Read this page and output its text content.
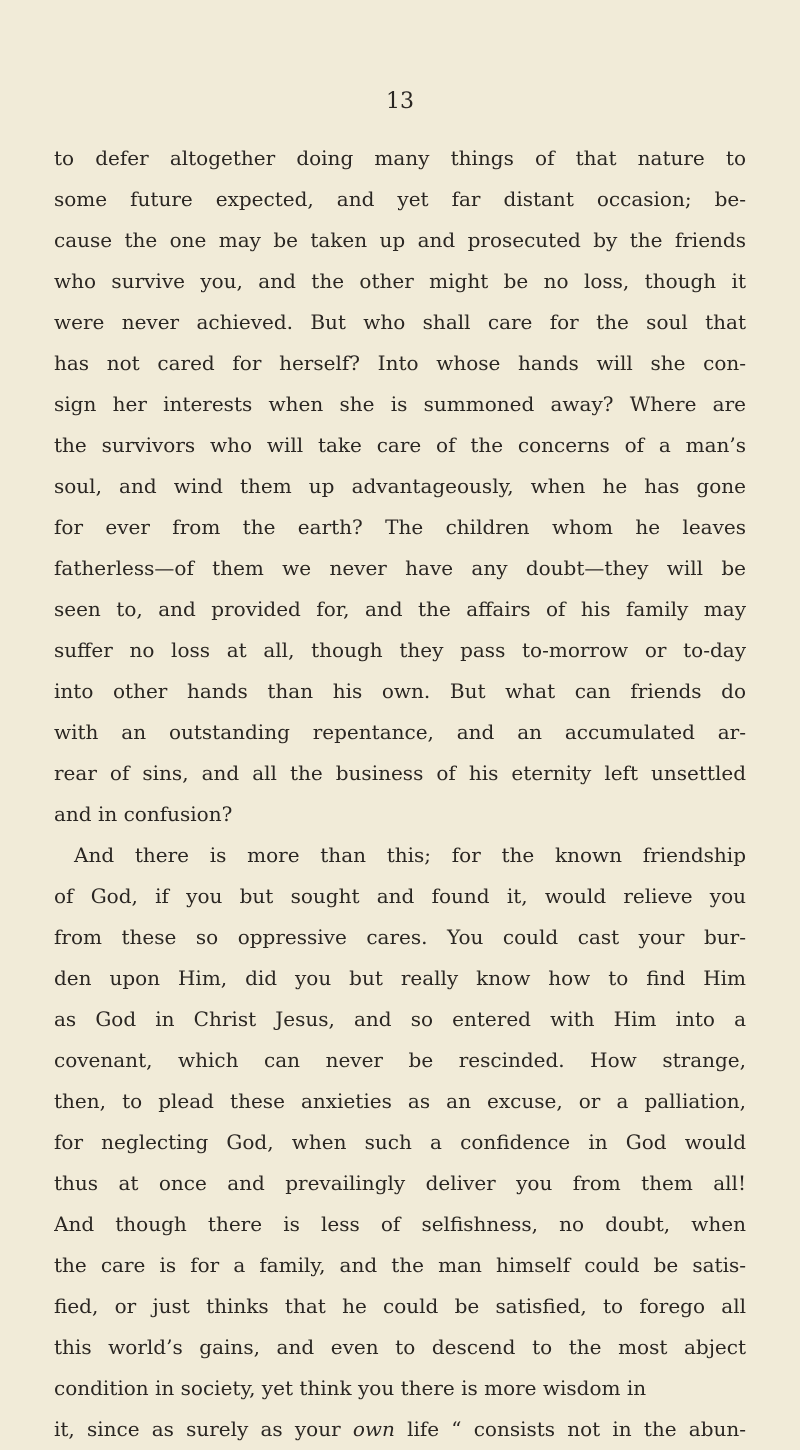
13
to defer altogether doing many things of that nature to
some future expected, and yet far distant occasion; be-
cause the one may be taken up and prosecuted by the friends
who survive you, and the other might be no loss, though it
were never achieved. But who shall care for the soul that
has not cared for herself? Into whose hands will she con-
sign her interests when she is summoned away? Where are
the survivors who will take care of the concerns of a man’s
soul, and wind them up advantageously, when he has gone
for ever from the earth? The children whom he leaves
fatherless—of them we never have any doubt—they will be
seen to, and provided for, and the affairs of his family may
suffer no loss at all, though they pass to-morrow or to-day
into other hands than his own. But what can friends do
with an outstanding repentance, and an accumulated ar-
rear of sins, and all the business of his eternity left unsettled
and in confusion?
And there is more than this; for the known friendship
of God, if you but sought and found it, would relieve you
from these so oppressive cares. You could cast your bur-
den upon Him, did you but really know how to find Him
as God in Christ Jesus, and so entered with Him into a
covenant, which can never be rescinded. How strange,
then, to plead these anxieties as an excuse, or a palliation,
for neglecting God, when such a confidence in God would
thus at once and prevailingly deliver you from them all!
And though there is less of selfishness, no doubt, when
the care is for a family, and the man himself could be satis-
fied, or just thinks that he could be satisfied, to forego all
this world’s gains, and even to descend to the most abject
condition in society, yet think you there is more wisdom in
it, since as surely as your own life “ consists not in the abun-
